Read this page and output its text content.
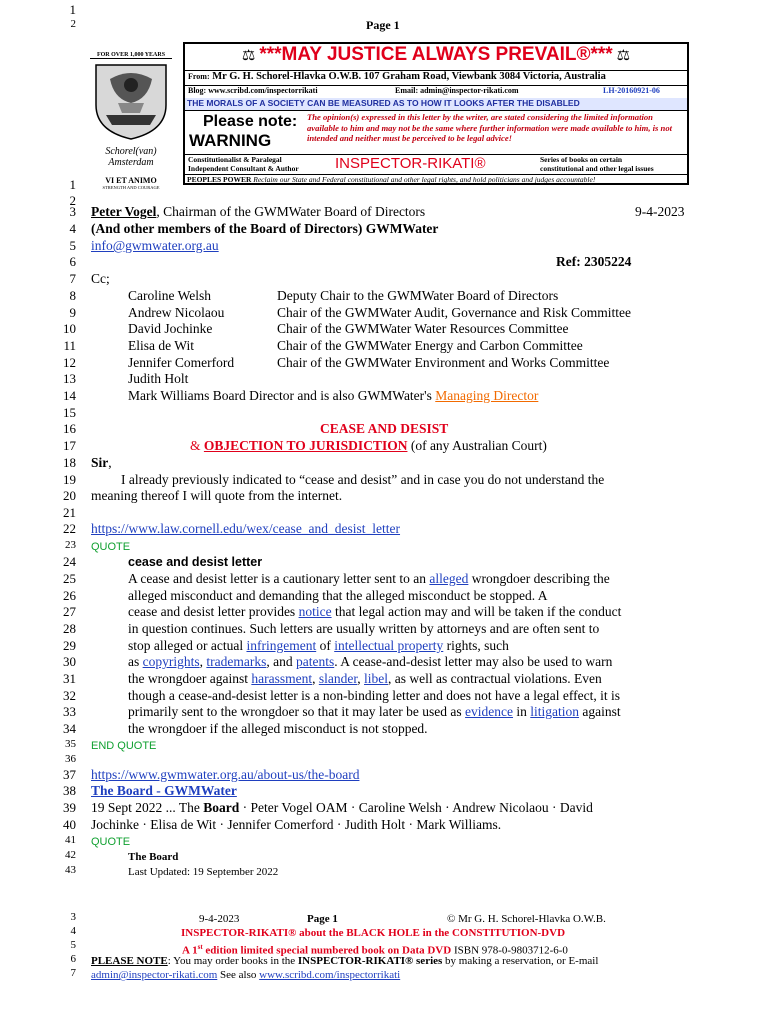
1
2	Page 1
FOR OVER 1,000 YEARS
Schorel(van) Amsterdam
VI ET ANIMO
STRENGTH AND COURAGE
⚖ ***MAY JUSTICE ALWAYS PREVAIL®*** ⚖
From: Mr G. H. Schorel-Hlavka O.W.B. 107 Graham Road, Viewbank 3084 Victoria, Australia
Blog: www.scribd.com/inspectorrikati	Email: admin@inspector-rikati.com	LH-20160921-06
THE MORALS OF A SOCIETY CAN BE MEASURED AS TO HOW IT LOOKS AFTER THE DISABLED
Please note:
WARNING
The opinion(s) expressed in this letter by the writer, are stated considering the limited information available to him and may not be the same where further information were made available to him, is not intended and neither must be perceived to be legal advice!
Constitutionalist & Paralegal
Independent Consultant & Author INSPECTOR-RIKATI®	Series of books on certain
constitutional and other legal issues
PEOPLES POWER Reclaim our State and Federal constitutional and other legal rights, and hold politicians and judges accountable!
1
2
3
4
5
6
7
8
9
10
11
12
13
14
15
16
17
18
19
20
21
22
23
24
25
26
27
28
29
30
31
32
33
34
35
36
37
38
39
40
41
42
43
Peter Vogel, Chairman of the GWMWater Board of Directors	9-4-2023
(And other members of the Board of Directors) GWMWater
info@gwmwater.org.au
Ref: 2305224
Cc;
Caroline Welsh	Deputy Chair to the GWMWater Board of Directors
Andrew Nicolaou	Chair of the GWMWater Audit, Governance and Risk Committee
David Jochinke	Chair of the GWMWater Water Resources Committee
Elisa de Wit	Chair of the GWMWater Energy and Carbon Committee
Jennifer Comerford	Chair of the GWMWater Environment and Works Committee
Judith Holt
Mark Williams Board Director and is also GWMWater's Managing Director
CEASE AND DESIST
& OBJECTION TO JURISDICTION (of any Australian Court)
Sir,
I already previously indicated to “cease and desist” and in case you do not understand the
meaning thereof I will quote from the internet.
https://www.law.cornell.edu/wex/cease_and_desist_letter
QUOTE
cease and desist letter
A cease and desist letter is a cautionary letter sent to an alleged wrongdoer describing the
alleged misconduct and demanding that the alleged misconduct be stopped. A
cease and desist letter provides notice that legal action may and will be taken if the conduct
in question continues. Such letters are usually written by attorneys and are often sent to
stop alleged or actual infringement of intellectual property rights, such
as copyrights, trademarks, and patents. A cease-and-desist letter may also be used to warn
the wrongdoer against harassment, slander, libel, as well as contractual violations. Even
though a cease-and-desist letter is a non-binding letter and does not have a legal effect, it is
primarily sent to the wrongdoer so that it may later be used as evidence in litigation against
the wrongdoer if the alleged misconduct is not stopped.
END QUOTE
https://www.gwmwater.org.au/about-us/the-board
The Board - GWMWater
19 Sept 2022 ... The Board · Peter Vogel OAM · Caroline Welsh · Andrew Nicolaou · David
Jochinke · Elisa de Wit · Jennifer Comerford · Judith Holt · Mark Williams.
QUOTE
The Board
Last Updated: 19 September 2022
3
4
5
6
7
9-4-2023	Page 1	© Mr G. H. Schorel-Hlavka O.W.B.
INSPECTOR-RIKATI® about the BLACK HOLE in the CONSTITUTION-DVD
A 1st edition limited special numbered book on Data DVD ISBN 978-0-9803712-6-0
PLEASE NOTE: You may order books in the INSPECTOR-RIKATI® series by making a reservation, or E-mail
admin@inspector-rikati.com See also www.scribd.com/inspectorrikati
